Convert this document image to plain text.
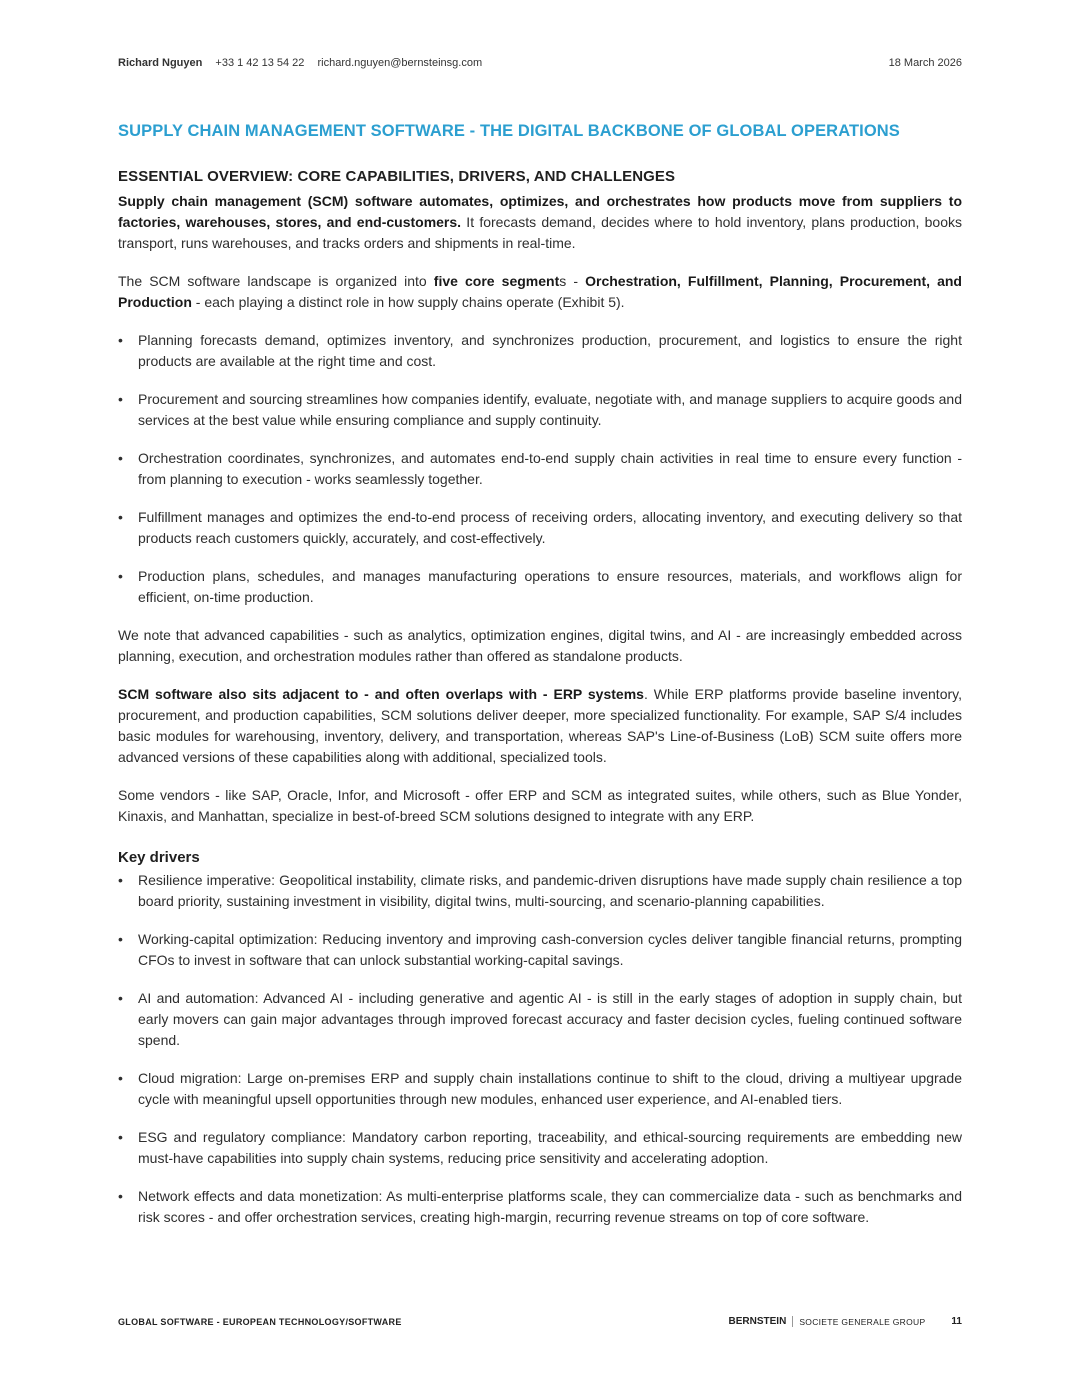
Richard Nguyen +33 1 42 13 54 22 richard.nguyen@bernsteinsg.com	18 March 2026
SUPPLY CHAIN MANAGEMENT SOFTWARE - THE DIGITAL BACKBONE OF GLOBAL OPERATIONS
ESSENTIAL OVERVIEW: CORE CAPABILITIES, DRIVERS, AND CHALLENGES

Supply chain management (SCM) software automates, optimizes, and orchestrates how products move from suppliers to factories, warehouses, stores, and end-customers. It forecasts demand, decides where to hold inventory, plans production, books transport, runs warehouses, and tracks orders and shipments in real-time.

The SCM software landscape is organized into five core segments - Orchestration, Fulfillment, Planning, Procurement, and Production - each playing a distinct role in how supply chains operate (Exhibit 5).

• Planning forecasts demand, optimizes inventory, and synchronizes production, procurement, and logistics to ensure the right products are available at the right time and cost.
• Procurement and sourcing streamlines how companies identify, evaluate, negotiate with, and manage suppliers to acquire goods and services at the best value while ensuring compliance and supply continuity.
• Orchestration coordinates, synchronizes, and automates end-to-end supply chain activities in real time to ensure every function - from planning to execution - works seamlessly together.
• Fulfillment manages and optimizes the end-to-end process of receiving orders, allocating inventory, and executing delivery so that products reach customers quickly, accurately, and cost-effectively.
• Production plans, schedules, and manages manufacturing operations to ensure resources, materials, and workflows align for efficient, on-time production.

We note that advanced capabilities - such as analytics, optimization engines, digital twins, and AI - are increasingly embedded across planning, execution, and orchestration modules rather than offered as standalone products.

SCM software also sits adjacent to - and often overlaps with - ERP systems. While ERP platforms provide baseline inventory, procurement, and production capabilities, SCM solutions deliver deeper, more specialized functionality. For example, SAP S/4 includes basic modules for warehousing, inventory, delivery, and transportation, whereas SAP's Line-of-Business (LoB) SCM suite offers more advanced versions of these capabilities along with additional, specialized tools.

Some vendors - like SAP, Oracle, Infor, and Microsoft - offer ERP and SCM as integrated suites, while others, such as Blue Yonder, Kinaxis, and Manhattan, specialize in best-of-breed SCM solutions designed to integrate with any ERP.

Key drivers
• Resilience imperative: Geopolitical instability, climate risks, and pandemic-driven disruptions have made supply chain resilience a top board priority, sustaining investment in visibility, digital twins, multi-sourcing, and scenario-planning capabilities.
• Working-capital optimization: Reducing inventory and improving cash-conversion cycles deliver tangible financial returns, prompting CFOs to invest in software that can unlock substantial working-capital savings.
• AI and automation: Advanced AI - including generative and agentic AI - is still in the early stages of adoption in supply chain, but early movers can gain major advantages through improved forecast accuracy and faster decision cycles, fueling continued software spend.
• Cloud migration: Large on-premises ERP and supply chain installations continue to shift to the cloud, driving a multiyear upgrade cycle with meaningful upsell opportunities through new modules, enhanced user experience, and AI-enabled tiers.
• ESG and regulatory compliance: Mandatory carbon reporting, traceability, and ethical-sourcing requirements are embedding new must-have capabilities into supply chain systems, reducing price sensitivity and accelerating adoption.
• Network effects and data monetization: As multi-enterprise platforms scale, they can commercialize data - such as benchmarks and risk scores - and offer orchestration services, creating high-margin, recurring revenue streams on top of core software.
GLOBAL SOFTWARE - EUROPEAN TECHNOLOGY/SOFTWARE	BERNSTEIN SOCIETE GENERALE GROUP	11
